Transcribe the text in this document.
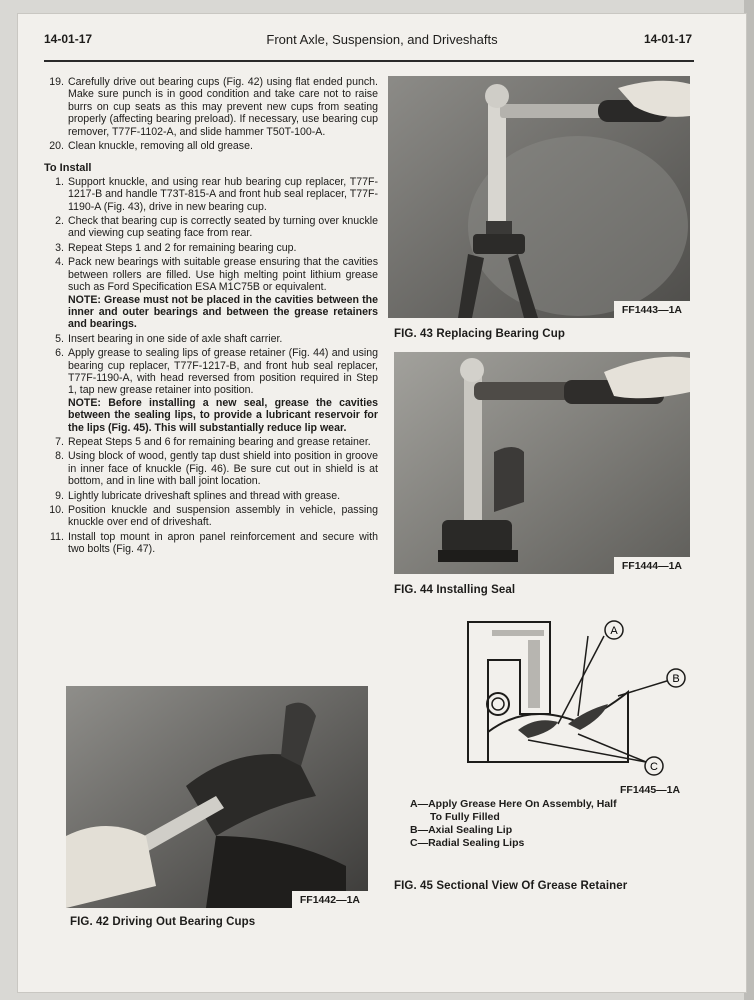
14-01-17	Front Axle, Suspension, and Driveshafts	14-01-17
19. Carefully drive out bearing cups (Fig. 42) using flat ended punch. Make sure punch is in good condition and take care not to raise burrs on cup seats as this may prevent new cups from seating properly (affecting bearing preload). If necessary, use bearing cup remover, T77F-1102-A, and slide hammer T50T-100-A.
20. Clean knuckle, removing all old grease.
To Install
1. Support knuckle, and using rear hub bearing cup replacer, T77F-1217-B and handle T73T-815-A and front hub seal replacer, T77F-1190-A (Fig. 43), drive in new bearing cup.
2. Check that bearing cup is correctly seated by turning over knuckle and viewing cup seating face from rear.
3. Repeat Steps 1 and 2 for remaining bearing cup.
4. Pack new bearings with suitable grease ensuring that the cavities between rollers are filled. Use high melting point lithium grease such as Ford Specification ESA M1C75B or equivalent.
NOTE: Grease must not be placed in the cavities between the inner and outer bearings and between the grease retainers and bearings.
5. Insert bearing in one side of axle shaft carrier.
6. Apply grease to sealing lips of grease retainer (Fig. 44) and using bearing cup replacer, T77F-1217-B, and front hub seal replacer, T77F-1190-A, with head reversed from position required in Step 1, tap new grease retainer into position.
NOTE: Before installing a new seal, grease the cavities between the sealing lips, to provide a lubricant reservoir for the lips (Fig. 45). This will substantially reduce lip wear.
7. Repeat Steps 5 and 6 for remaining bearing and grease retainer.
8. Using block of wood, gently tap dust shield into position in groove in inner face of knuckle (Fig. 46). Be sure cut out in shield is at bottom, and in line with ball joint location.
9. Lightly lubricate driveshaft splines and thread with grease.
10. Position knuckle and suspension assembly in vehicle, passing knuckle over end of driveshaft.
11. Install top mount in apron panel reinforcement and secure with two bolts (Fig. 47).
FF1443—1A
FIG. 43 Replacing Bearing Cup
FF1444—1A
FIG. 44 Installing Seal
A
B
C
FF1445—1A
A—Apply Grease Here On Assembly, Half
To Fully Filled
B—Axial Sealing Lip
C—Radial Sealing Lips
FIG. 45 Sectional View Of Grease Retainer
FF1442—1A
FIG. 42 Driving Out Bearing Cups
